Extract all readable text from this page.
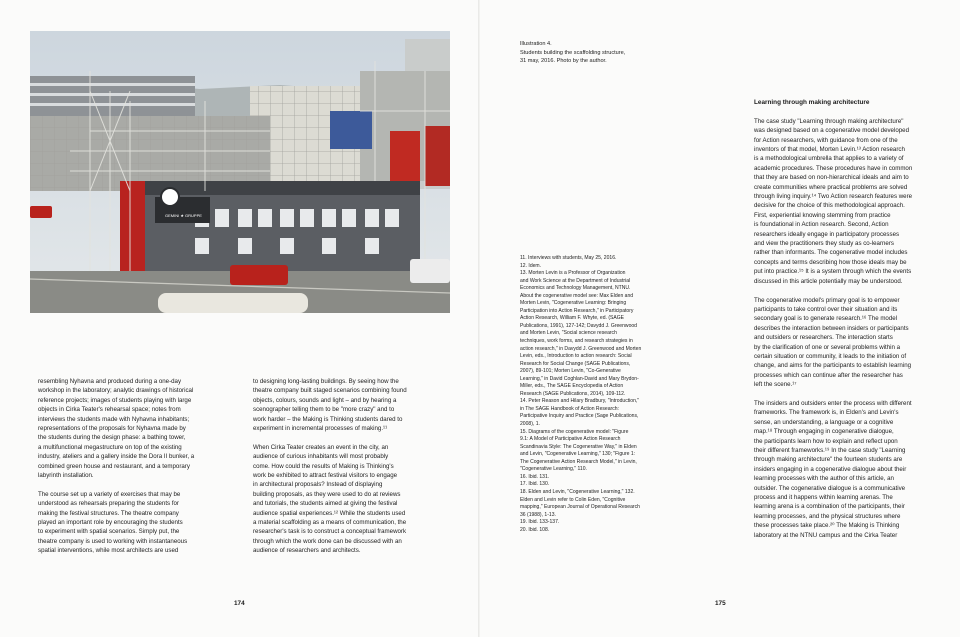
GEMINI ★ GRUPPE

resembling Nyhavna and produced during a one-day
workshop in the laboratory; analytic drawings of historical
reference projects; images of students playing with large
objects in Cirka Teater's rehearsal space; notes from
interviews the students made with Nyhavna inhabitants;
representations of the proposals for Nyhavna made by
the students during the design phase: a bathing tower,
a multifunctional megastructure on top of the existing
industry, ateliers and a gallery inside the Dora II bunker, a
combined green house and restaurant, and a temporary
labyrinth installation.

The course set up a variety of exercises that may be
understood as rehearsals preparing the students for
making the festival structures. The theatre company
played an important role by encouraging the students
to experiment with spatial scenarios. Simply put, the
theatre company is used to working with instantaneous
spatial interventions, while most architects are used

to designing long-lasting buildings. By seeing how the
theatre company built staged scenarios combining found
objects, colours, sounds and light – and by hearing a
scenographer telling them to be "more crazy" and to
work harder – the Making is Thinking students dared to
experiment in incremental processes of making.¹¹

When Cirka Teater creates an event in the city, an
audience of curious inhabitants will most probably
come. How could the results of Making is Thinking's
work be exhibited to attract festival visitors to engage
in architectural proposals? Instead of displaying
building proposals, as they were used to do at reviews
and tutorials, the students aimed at giving the festival
audience spatial experiences.¹² While the students used
a material scaffolding as a means of communication, the
researcher's task is to construct a conceptual framework
through which the work done can be discussed with an
audience of researchers and architects.

174
Illustration 4.
Students building the scaffolding structure,
31 may, 2016. Photo by the author.
11. Interviews with students, May 25, 2016.
12. Idem.
13. Morten Levin is a Professor of Organization
and Work Science at the Department of Industrial
Economics and Technology Management, NTNU.
About the cogenerative model see: Max Elden and
Morten Levin, "Cogenerative Learning: Bringing
Participation into Action Research," in Participatory
Action Research, William F. Whyte, ed. (SAGE
Publications, 1991), 127-142; Davydd J. Greenwood
and Morten Levin, "Social science research
techniques, work forms, and research strategies in
action research," in Davydd J. Greenwood and Morten
Levin, eds., Introduction to action research: Social
Research for Social Change (SAGE Publications,
2007), 89-101; Morten Levin, "Co-Generative
Learning," in David Coghlan-David and Mary Brydon-
Miller, eds., The SAGE Encyclopedia of Action
Research (SAGE Publications, 2014), 109-112.
14. Peter Reason and Hilary Bradbury, "Introduction,"
in The SAGE Handbook of Action Research:
Participative Inquiry and Practice (Sage Publications,
2008), 1.
15. Diagrams of the cogenerative model: "Figure
9.1: A Model of Participative Action Research
Scandinavia Style: The Cogenerative Way," in Elden
and Levin, "Cogenerative Learning," 130; "Figure 1:
The Cogenerative Action Research Model," in Levin,
"Cogenerative Learning," 110.
16. Ibid. 131.
17. Ibid. 130.
18. Elden and Levin, "Cogenerative Learning," 132.
Elden and Levin refer to Colin Eden, "Cognitive
mapping," European Journal of Operational Research
36 (1988), 1-13.
19. Ibid. 133-137.
20. Ibid. 108.

Learning through making architecture

The case study "Learning through making architecture"
was designed based on a cogenerative model developed
for Action researchers, with guidance from one of the
inventors of that model, Morten Levin.¹³ Action research
is a methodological umbrella that applies to a variety of
academic procedures. These procedures have in common
that they are based on non-hierarchical ideals and aim to
create communities where practical problems are solved
through living inquiry.¹⁴ Two Action research features were
decisive for the choice of this methodological approach.
First, experiential knowing stemming from practice
is foundational in Action research. Second, Action
researchers ideally engage in participatory processes
and view the practitioners they study as co-learners
rather than informants. The cogenerative model includes
concepts and terms describing how those ideals may be
put into practice.¹⁵ It is a system through which the events
discussed in this article potentially may be understood.

The cogenerative model's primary goal is to empower
participants to take control over their situation and its
secondary goal is to generate research.¹⁶ The model
describes the interaction between insiders or participants
and outsiders or researchers. The interaction starts
by the clarification of one or several problems within a
certain situation or community, it leads to the initiation of
change, and aims for the participants to establish learning
processes which can continue after the researcher has
left the scene.¹⁷

The insiders and outsiders enter the process with different
frameworks. The framework is, in Elden's and Levin's
sense, an understanding, a language or a cognitive
map.¹⁸ Through engaging in cogenerative dialogue,
the participants learn how to explain and reflect upon
their different frameworks.¹⁹ In the case study "Learning
through making architecture" the fourteen students are
insiders engaging in a cogenerative dialogue about their
learning processes with the author of this article, an
outsider. The cogenerative dialogue is a communicative
process and it happens within learning arenas. The
learning arena is a combination of the participants, their
learning processes, and the physical structures where
these processes take place.²⁰ The Making is Thinking
laboratory at the NTNU campus and the Cirka Teater

175
